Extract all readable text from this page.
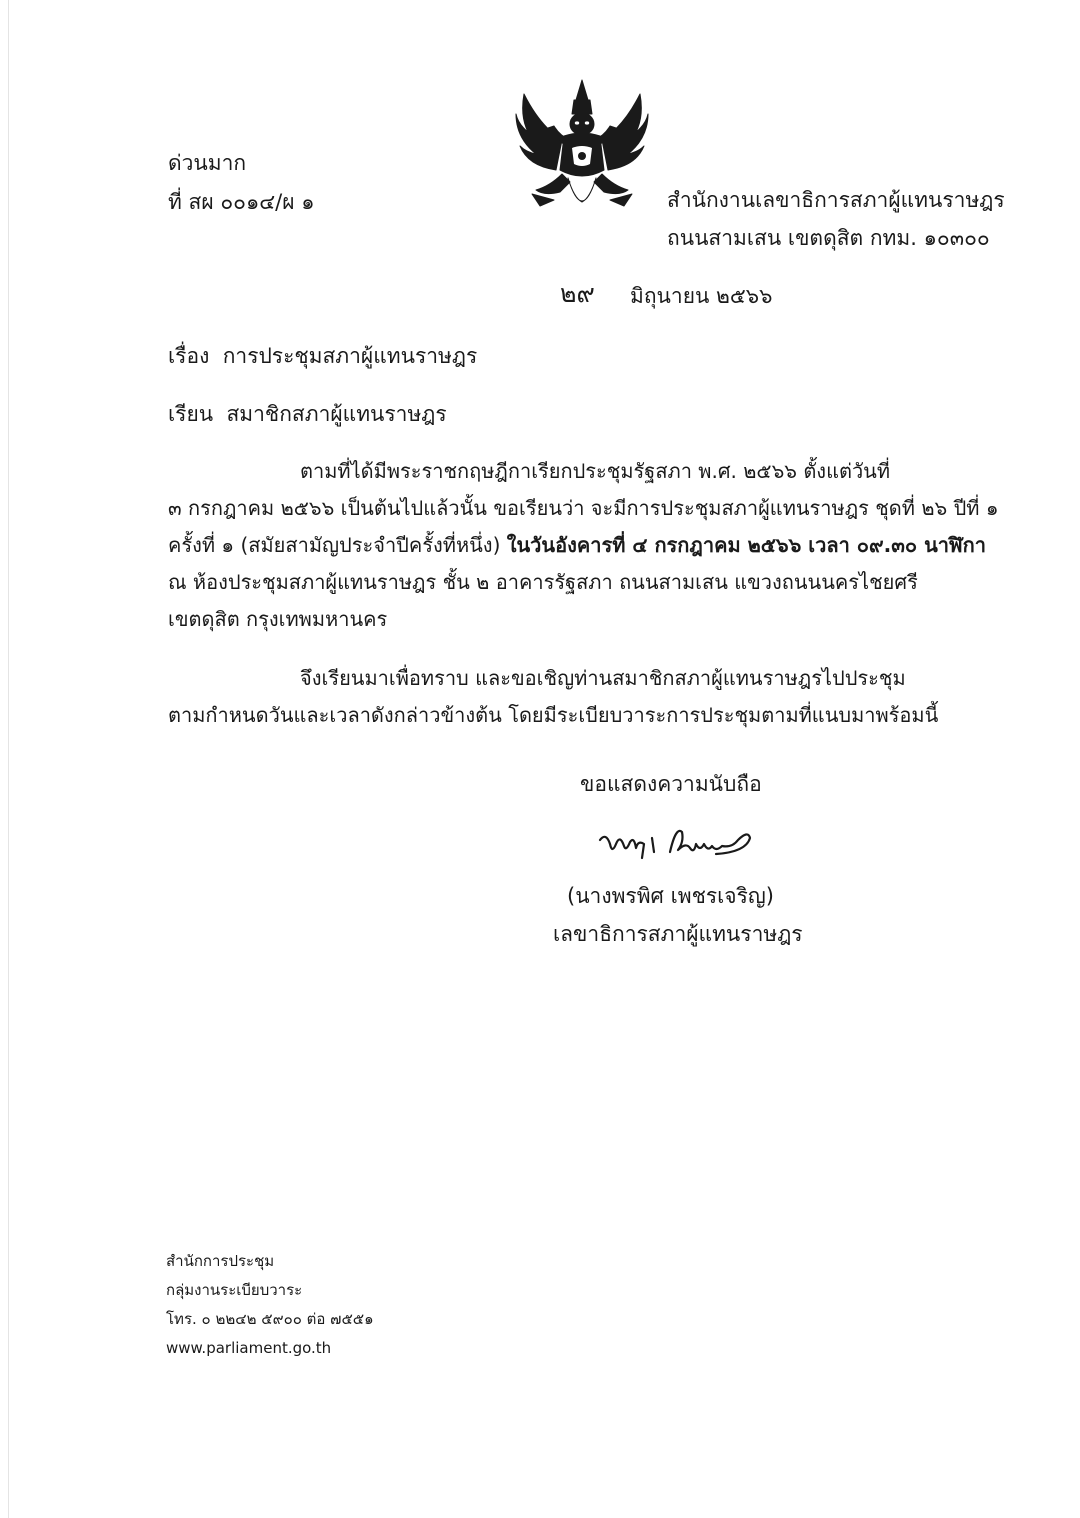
ด่วนมาก
ที่ สผ ๐๐๑๔/ผ ๑	สำนักงานเลขาธิการสภาผู้แทนราษฎร
ถนนสามเสน เขตดุสิต กทม. ๑๐๓๐๐
๒๙ มิถุนายน ๒๕๖๖
เรื่อง การประชุมสภาผู้แทนราษฎร
เรียน สมาชิกสภาผู้แทนราษฎร
ตามที่ได้มีพระราชกฤษฎีกาเรียกประชุมรัฐสภา พ.ศ. ๒๕๖๖ ตั้งแต่วันที่
๓ กรกฎาคม ๒๕๖๖ เป็นต้นไปแล้วนั้น ขอเรียนว่า จะมีการประชุมสภาผู้แทนราษฎร ชุดที่ ๒๖ ปีที่ ๑
ครั้งที่ ๑ (สมัยสามัญประจำปีครั้งที่หนึ่ง) ในวันอังคารที่ ๔ กรกฎาคม ๒๕๖๖ เวลา ๐๙.๓๐ นาฬิกา
ณ ห้องประชุมสภาผู้แทนราษฎร ชั้น ๒ อาคารรัฐสภา ถนนสามเสน แขวงถนนนครไชยศรี
เขตดุสิต กรุงเทพมหานคร
จึงเรียนมาเพื่อทราบ และขอเชิญท่านสมาชิกสภาผู้แทนราษฎรไปประชุม
ตามกำหนดวันและเวลาดังกล่าวข้างต้น โดยมีระเบียบวาระการประชุมตามที่แนบมาพร้อมนี้
ขอแสดงความนับถือ
(นางพรพิศ เพชรเจริญ)
เลขาธิการสภาผู้แทนราษฎร
สำนักการประชุม
กลุ่มงานระเบียบวาระ
โทร. ๐ ๒๒๔๒ ๕๙๐๐ ต่อ ๗๕๕๑
www.parliament.go.th
